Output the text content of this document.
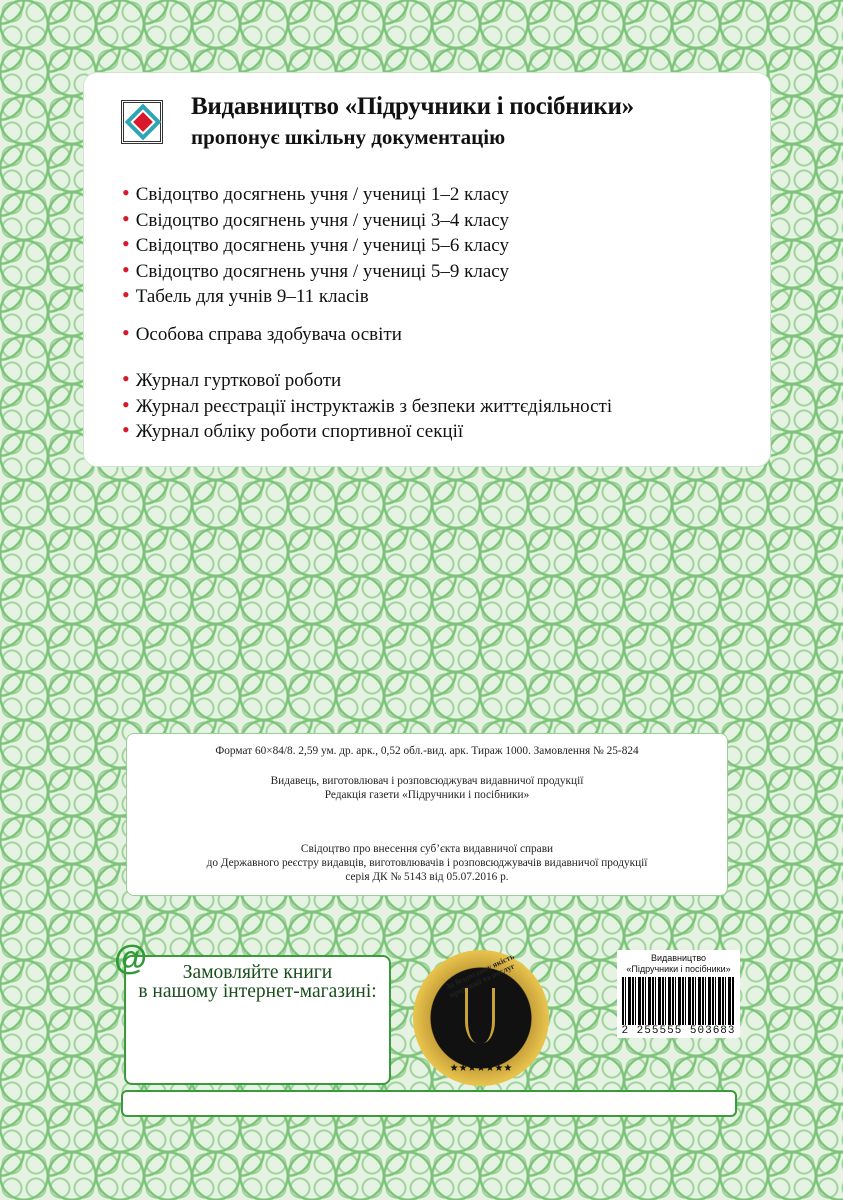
Видавництво «Підручники і посібники»
пропонує шкільну документацію
• Свідоцтво досягнень учня / учениці 1–2 класу
• Свідоцтво досягнень учня / учениці 3–4 класу
• Свідоцтво досягнень учня / учениці 5–6 класу
• Свідоцтво досягнень учня / учениці 5–9 класу
• Табель для учнів 9–11 класів
• Особова справа здобувача освіти
• Журнал гурткової роботи
• Журнал реєстрації інструктажів з безпеки життєдіяльності
• Журнал обліку роботи спортивної секції

Формат 60×84/8. 2,59 ум. др. арк., 0,52 обл.-вид. арк. Тираж 1000. Замовлення № 25-824

Видавець, виготовлювач і розповсюджувач видавничої продукції

Редакція газети «Підручники і посібники»

Свідоцтво про внесення суб’єкта видавничої справи

до Державного реєстру видавців, виготовлювачів і розповсюджувачів видавничої продукції

серія ДК № 5143 від 05.07.2016 р.

Замовляйте книги
в нашому інтернет-магазині:
@	За бездоганну якість продукції та послуг
★★★★★★★
Видавництво
«Підручники і посібники»
2 255555 503683
